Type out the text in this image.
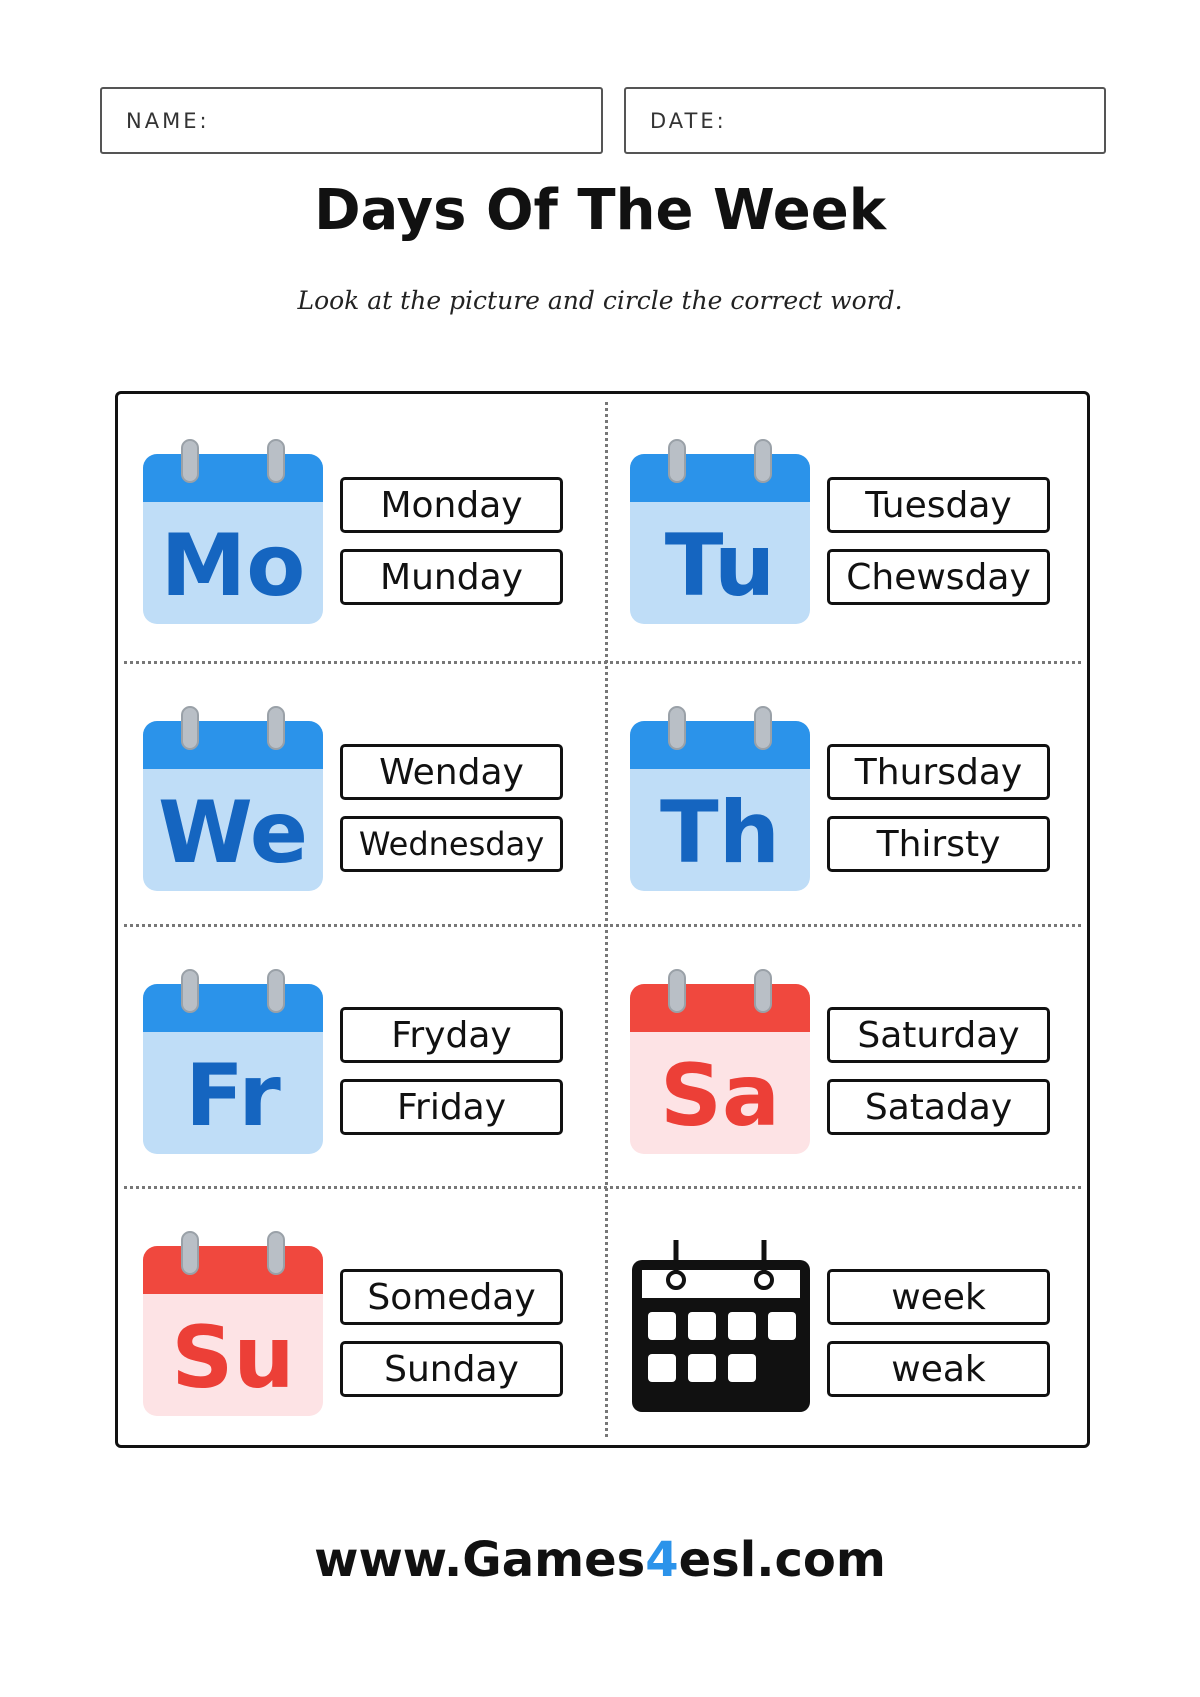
NAME:	DATE:
Days Of The Week
Look at the picture and circle the correct word.
Mo
Monday
Munday	Tu
Tuesday
Chewsday
We
Wenday
Wednesday	Th
Thursday
Thirsty
Fr
Fryday
Friday	Sa
Saturday
Sataday
Su
Someday
Sunday
week
weak
www.Games4esl.com
